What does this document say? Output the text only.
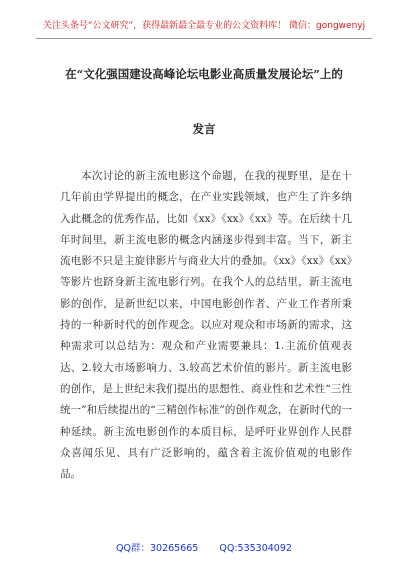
关注头条号“公文研究”，获得最新最全最专业的公文资料库！ 微信：gongwenyj
在“文化强国建设高峰论坛电影业高质量发展论坛”上的
发言

本次讨论的新主流电影这个命题，在我的视野里，是在十几年前由学界提出的概念，在产业实践领域，也产生了许多纳入此概念的优秀作品，比如《xx》《xx》《xx》等。在后续十几年时间里，新主流电影的概念内涵逐步得到丰富。当下，新主流电影不只是主旋律影片与商业大片的叠加。《xx》《xx》《xx》等影片也跻身新主流电影行列。在我个人的总结里，新主流电影的创作，是新世纪以来，中国电影创作者、产业工作者所秉持的一种新时代的创作观念。以应对观众和市场新的需求，这种需求可以总结为：观众和产业需要兼具：1.主流价值观表达、2.较大市场影响力、3.较高艺术价值的影片。新主流电影的创作，是上世纪末我们提出的思想性、商业性和艺术性“三性统一”和后续提出的“三精创作标准”的创作观念，在新时代的一种延续。新主流电影创作的本质目标，是呼吁业界创作人民群众喜闻乐见、具有广泛影响的，蕴含着主流价值观的电影作品。

QQ群：30265665 QQ:535304092
